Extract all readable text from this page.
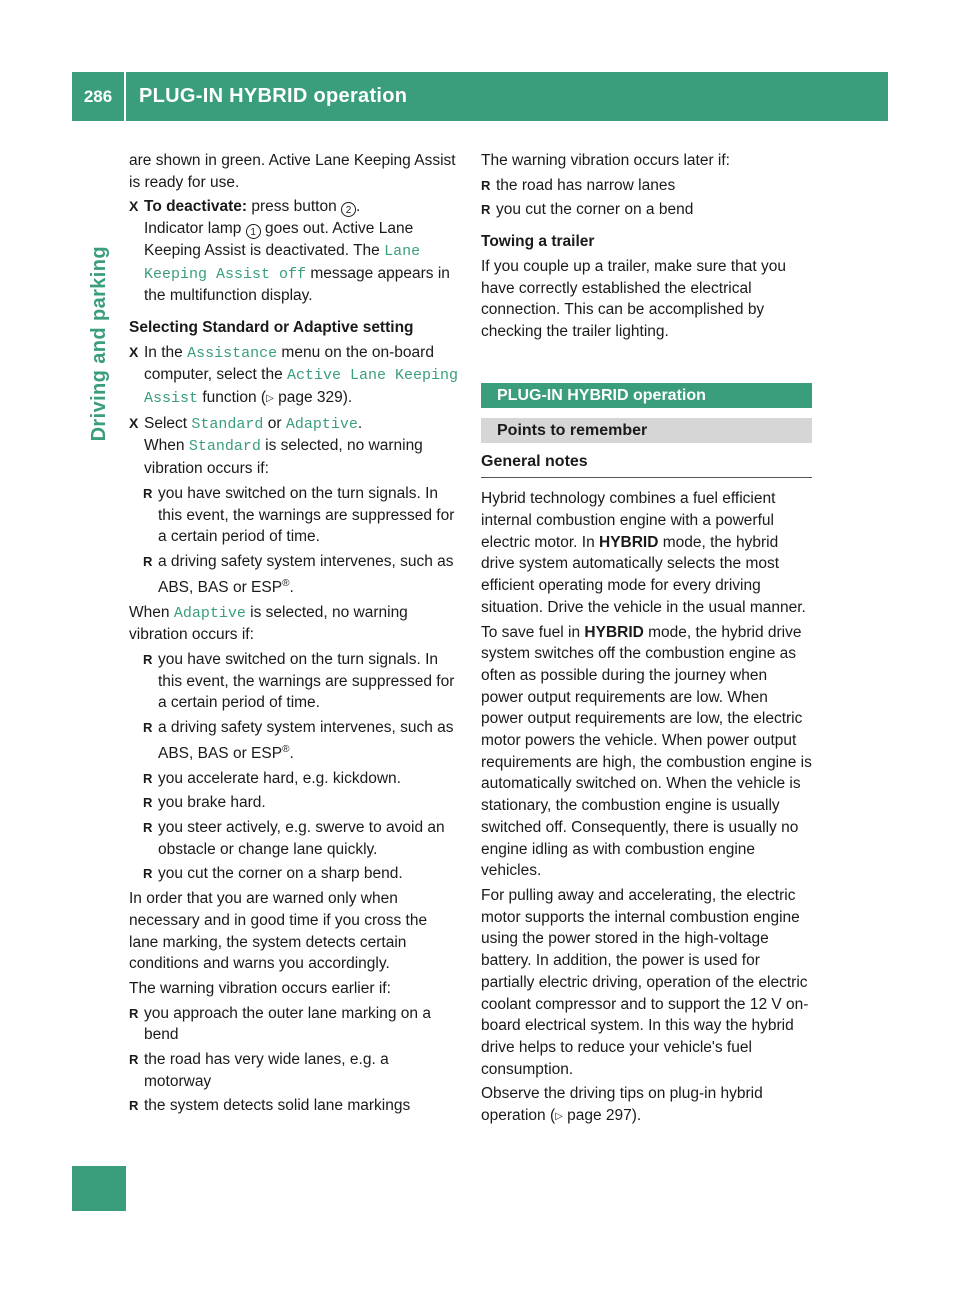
286	PLUG-IN HYBRID operation
Driving and parking

are shown in green. Active Lane Keeping Assist is ready for use.

X To deactivate: press button 2 .
Indicator lamp 1 goes out. Active Lane Keeping Assist is deactivated. The Lane Keeping Assist off message appears in the multifunction display.

Selecting Standard or Adaptive setting

X In the Assistance menu on the on-board computer, select the Active Lane Keeping Assist function (▷ page 329).
X Select Standard or Adaptive.
When Standard is selected, no warning vibration occurs if:
R you have switched on the turn signals. In this event, the warnings are suppressed for a certain period of time.
R a driving safety system intervenes, such as ABS, BAS or ESP®.

When Adaptive is selected, no warning vibration occurs if:

R you have switched on the turn signals. In this event, the warnings are suppressed for a certain period of time.
R a driving safety system intervenes, such as ABS, BAS or ESP®.
R you accelerate hard, e.g. kickdown.
R you brake hard.
R you steer actively, e.g. swerve to avoid an obstacle or change lane quickly.
R you cut the corner on a sharp bend.

In order that you are warned only when necessary and in good time if you cross the lane marking, the system detects certain conditions and warns you accordingly.

The warning vibration occurs earlier if:

R you approach the outer lane marking on a bend
R the road has very wide lanes, e.g. a motorway
R the system detects solid lane markings

The warning vibration occurs later if:

R the road has narrow lanes
R you cut the corner on a bend

Towing a trailer

If you couple up a trailer, make sure that you have correctly established the electrical connection. This can be accomplished by checking the trailer lighting.

PLUG-IN HYBRID operation
Points to remember
General notes

Hybrid technology combines a fuel efficient internal combustion engine with a powerful electric motor. In HYBRID mode, the hybrid drive system automatically selects the most efficient operating mode for every driving situation. Drive the vehicle in the usual manner.

To save fuel in HYBRID mode, the hybrid drive system switches off the combustion engine as often as possible during the journey when power output requirements are low. When power output requirements are low, the electric motor powers the vehicle. When power output requirements are high, the combustion engine is automatically switched on. When the vehicle is stationary, the combustion engine is usually switched off. Consequently, there is usually no engine idling as with combustion engine vehicles.

For pulling away and accelerating, the electric motor supports the internal combustion engine using the power stored in the high-voltage battery. In addition, the power is used for partially electric driving, operation of the electric coolant compressor and to support the 12 V on-board electrical system. In this way the hybrid drive helps to reduce your vehicle's fuel consumption.

Observe the driving tips on plug-in hybrid operation (▷ page 297).
